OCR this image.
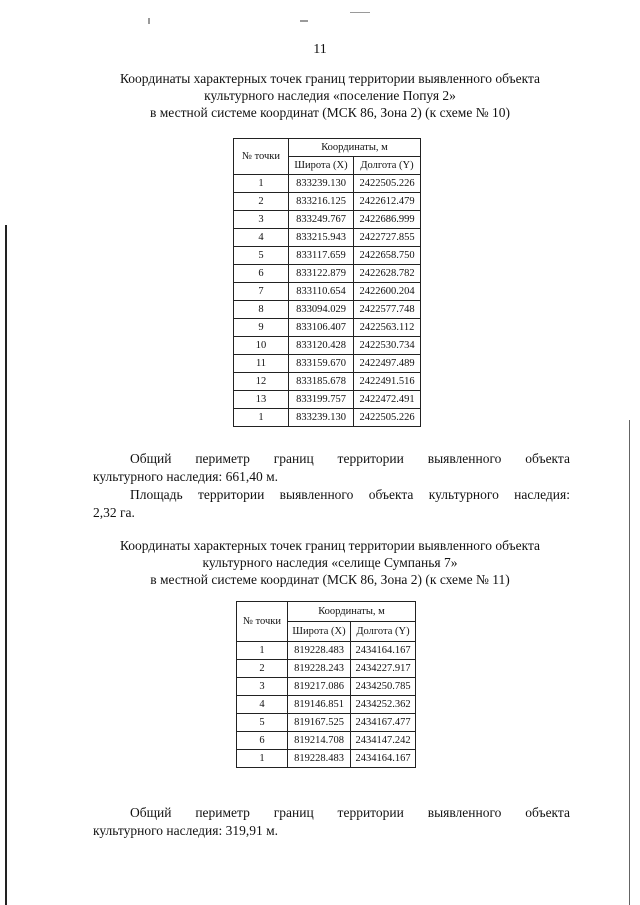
11
Координаты характерных точек границ территории выявленного объекта
культурного наследия «поселение Попуя 2»
в местной системе координат (МСК 86, Зона 2) (к схеме № 10)
№ точки	Координаты, м	
	Широта (X)	Долгота (Y)
1	833239.130	2422505.226
2	833216.125	2422612.479
3	833249.767	2422686.999
4	833215.943	2422727.855
5	833117.659	2422658.750
6	833122.879	2422628.782
7	833110.654	2422600.204
8	833094.029	2422577.748
9	833106.407	2422563.112
10	833120.428	2422530.734
11	833159.670	2422497.489
12	833185.678	2422491.516
13	833199.757	2422472.491
1	833239.130	2422505.226
Общий периметр границ территории выявленного объекта
культурного наследия: 661,40 м.
Площадь территории выявленного объекта культурного наследия:
2,32 га.
Координаты характерных точек границ территории выявленного объекта
культурного наследия «селище Сумпанья 7»
в местной системе координат (МСК 86, Зона 2) (к схеме № 11)
№ точки	Координаты, м	
	Широта (X)	Долгота (Y)
1	819228.483	2434164.167
2	819228.243	2434227.917
3	819217.086	2434250.785
4	819146.851	2434252.362
5	819167.525	2434167.477
6	819214.708	2434147.242
1	819228.483	2434164.167
Общий периметр границ территории выявленного объекта
культурного наследия: 319,91 м.
